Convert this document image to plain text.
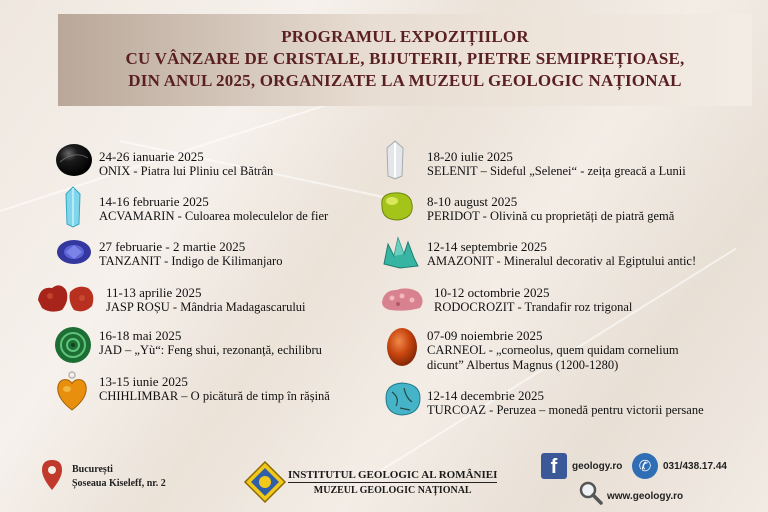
PROGRAMUL EXPOZIȚIILOR
CU VÂNZARE DE CRISTALE, BIJUTERII, PIETRE SEMIPREȚIOASE,
DIN ANUL 2025, ORGANIZATE LA MUZEUL GEOLOGIC NAȚIONAL
24-26 ianuarie 2025
ONIX - Piatra lui Pliniu cel Bătrân
14-16 februarie 2025
ACVAMARIN - Culoarea moleculelor de fier
27 februarie - 2 martie 2025
TANZANIT - Indigo de Kilimanjaro
11-13 aprilie 2025
JASP ROȘU - Mândria Madagascarului
16-18 mai 2025
JAD – „Yù“: Feng shui, rezonanță, echilibru
13-15 iunie 2025
CHIHLIMBAR – O picătură de timp în rășină
18-20 iulie 2025
SELENIT – Sideful „Selenei“ - zeița greacă a Lunii
8-10 august 2025
PERIDOT - Olivină cu proprietăți de piatră gemă
12-14 septembrie 2025
AMAZONIT - Mineralul decorativ al Egiptului antic!
10-12 octombrie 2025
RODOCROZIT - Trandafir roz trigonal
07-09 noiembrie 2025
CARNEOL - „corneolus, quem quidam cornelium
dicunt” Albertus Magnus (1200-1280)
12-14 decembrie 2025
TURCOAZ - Peruzea – monedă pentru victorii persane
București
Șoseaua Kiseleff, nr. 2
INSTITUTUL GEOLOGIC AL ROMÂNIEI
MUZEUL GEOLOGIC NAȚIONAL
f	geology.ro	✆	031/438.17.44
www.geology.ro
